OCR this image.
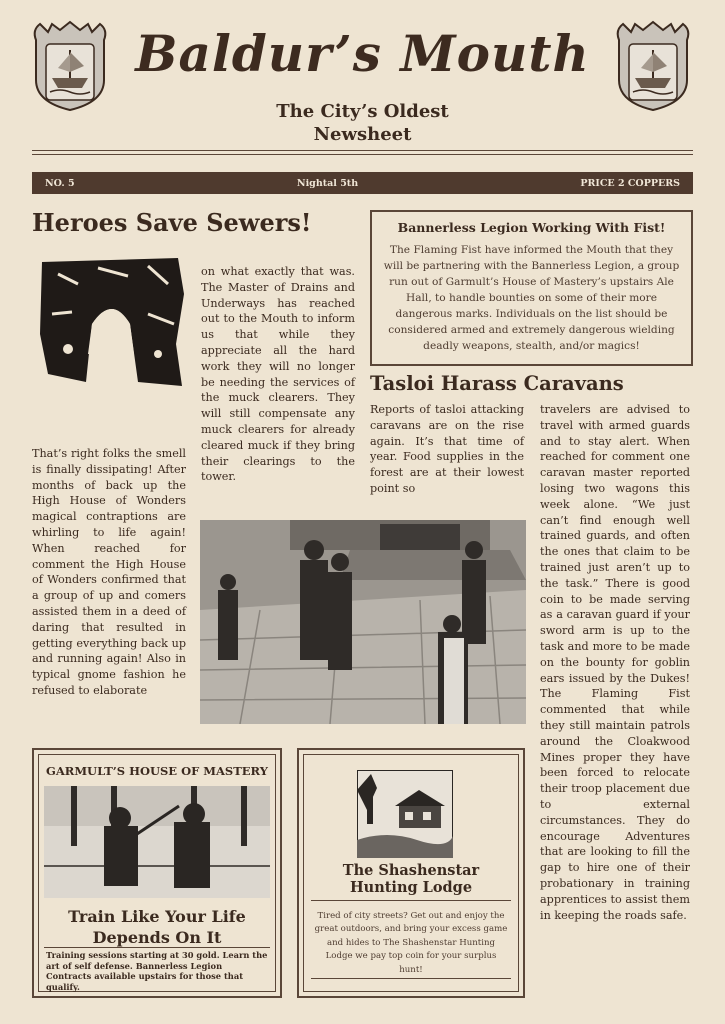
Baldur’s Mouth
The City’s Oldest
Newsheet
NO. 5	Nightal 5th	PRICE 2 COPPERS
Heroes Save Sewers!
That’s right folks the smell is finally dissipating! After months of back up the High House of Wonders magical contraptions are whirling to life again! When reached for comment the High House of Wonders confirmed that a group of up and comers assisted them in a deed of daring that resulted in getting everything back up and running again! Also in typical gnome fashion he refused to elaborate
on what exactly that was. The Master of Drains and Underways has reached out to the Mouth to inform us that while they appreciate all the hard work they will no longer be needing the services of the muck clearers. They will still compensate any muck clearers for already cleared muck if they bring their clearings to the tower.
Bannerless Legion Working With Fist!
The Flaming Fist have informed the Mouth that they will be partnering with the Bannerless Legion, a group run out of Garmult’s House of Mastery’s upstairs Ale Hall, to handle bounties on some of their more dangerous marks. Individuals on the list should be considered armed and extremely dangerous wielding deadly weapons, stealth, and/or magics!
Tasloi Harass Caravans
Reports of tasloi attacking caravans are on the rise again. It’s that time of year. Food supplies in the forest are at their lowest point so
travelers are advised to travel with armed guards and to stay alert. When reached for comment one caravan master reported losing two wagons this week alone. “We just can’t find enough well trained guards, and often the ones that claim to be trained just aren’t up to the task.” There is good coin to be made serving as a caravan guard if your sword arm is up to the task and more to be made on the bounty for goblin ears issued by the Dukes! The Flaming Fist commented that while they still maintain patrols around the Cloakwood Mines proper they have been forced to relocate their troop placement due to external circumstances. They do encourage Adventures that are looking to fill the gap to hire one of their probationary in training apprentices to assist them in keeping the roads safe.
GARMULT’S HOUSE OF MASTERY
Train Like Your Life
Depends On It
Training sessions starting at 30 gold. Learn the art of self defense. Bannerless Legion Contracts available upstairs for those that qualify.
The Shashenstar
Hunting Lodge
Tired of city streets? Get out and enjoy the great outdoors, and bring your excess game and hides to The Shashenstar Hunting Lodge we pay top coin for your surplus hunt!
